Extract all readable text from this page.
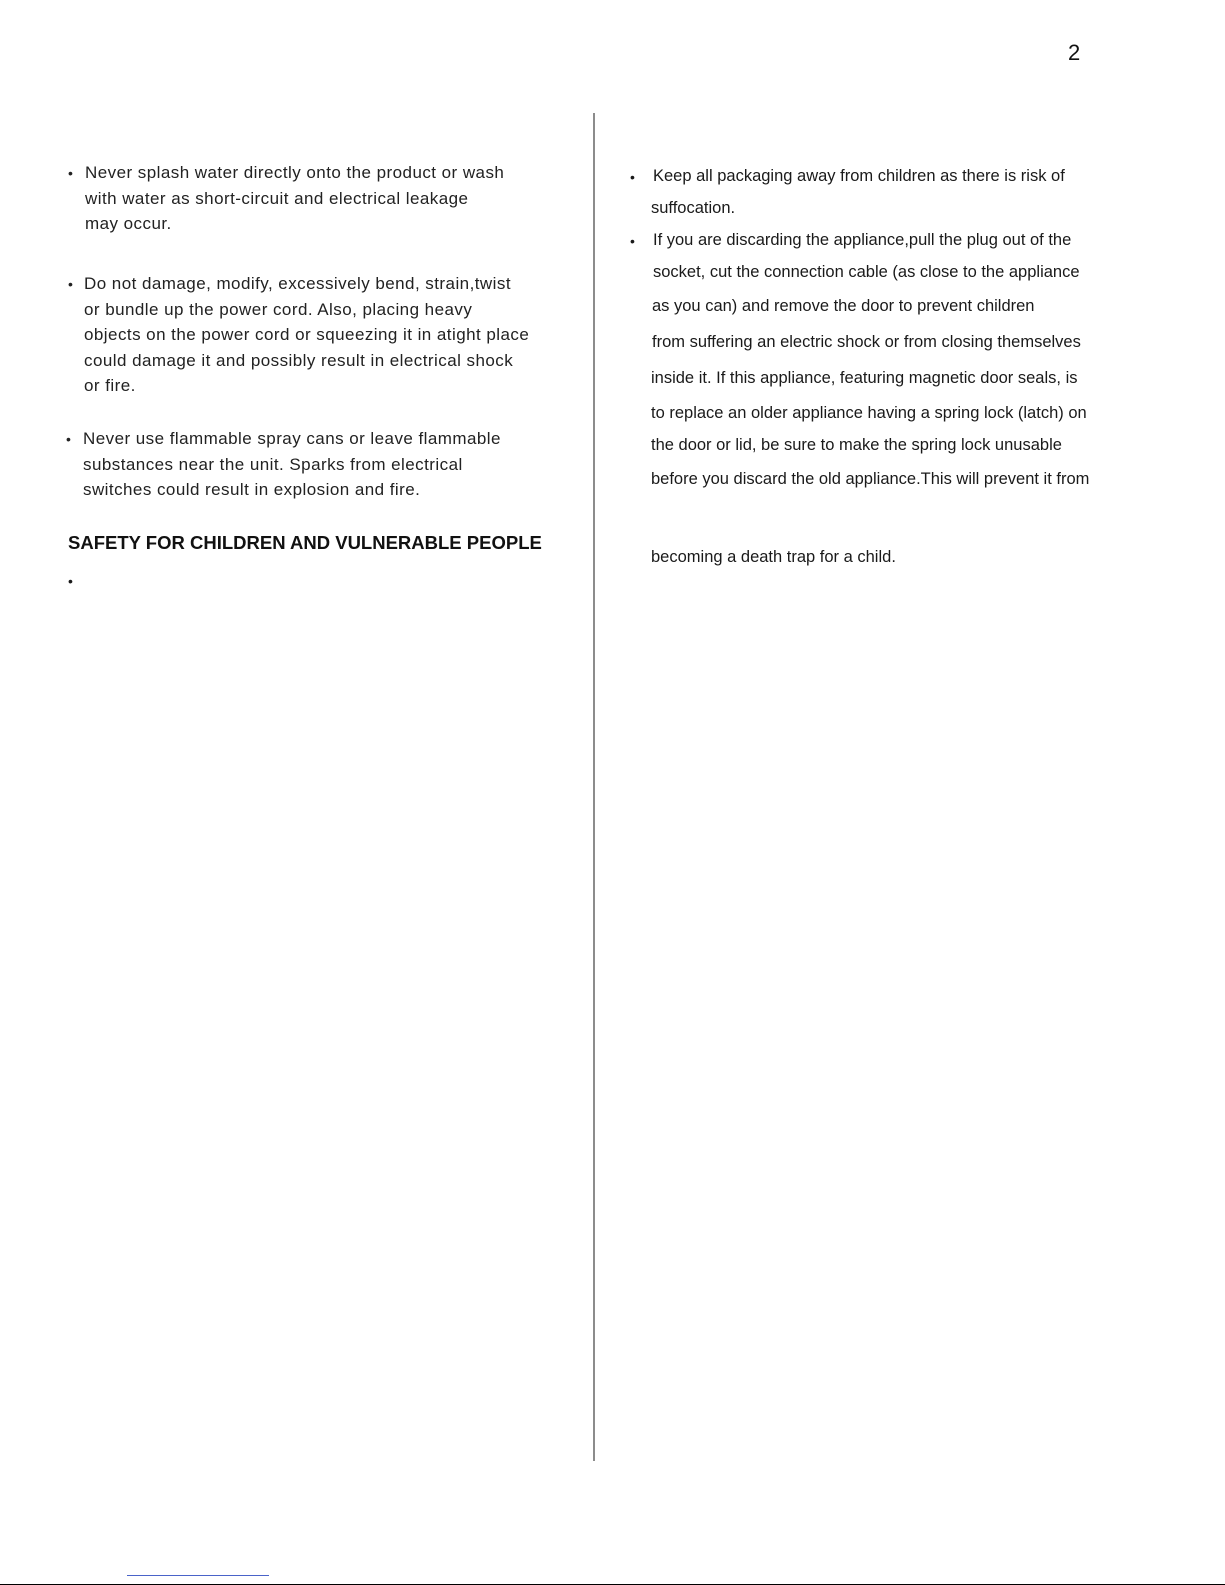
2
• Never splash water directly onto the product or wash
with water as short-circuit and electrical leakage
may occur.
• Do not damage, modify, excessively bend, strain,twist
or bundle up the power cord. Also, placing heavy
objects on the power cord or squeezing it in atight place
could damage it and possibly result in electrical shock
or fire.
• Never use flammable spray cans or leave flammable
substances near the unit. Sparks from electrical
switches could result in explosion and fire.
SAFETY FOR CHILDREN AND VULNERABLE PEOPLE
•
• Keep all packaging away from children as there is risk of
suffocation.
• If you are discarding the appliance,pull the plug out of the
socket, cut the connection cable (as close to the appliance
as you can) and remove the door to prevent children
from suffering an electric shock or from closing themselves
inside it. If this appliance, featuring magnetic door seals, is
to replace an older appliance having a spring lock (latch) on
the door or lid, be sure to make the spring lock unusable
before you discard the old appliance.This will prevent it from
becoming a death trap for a child.
